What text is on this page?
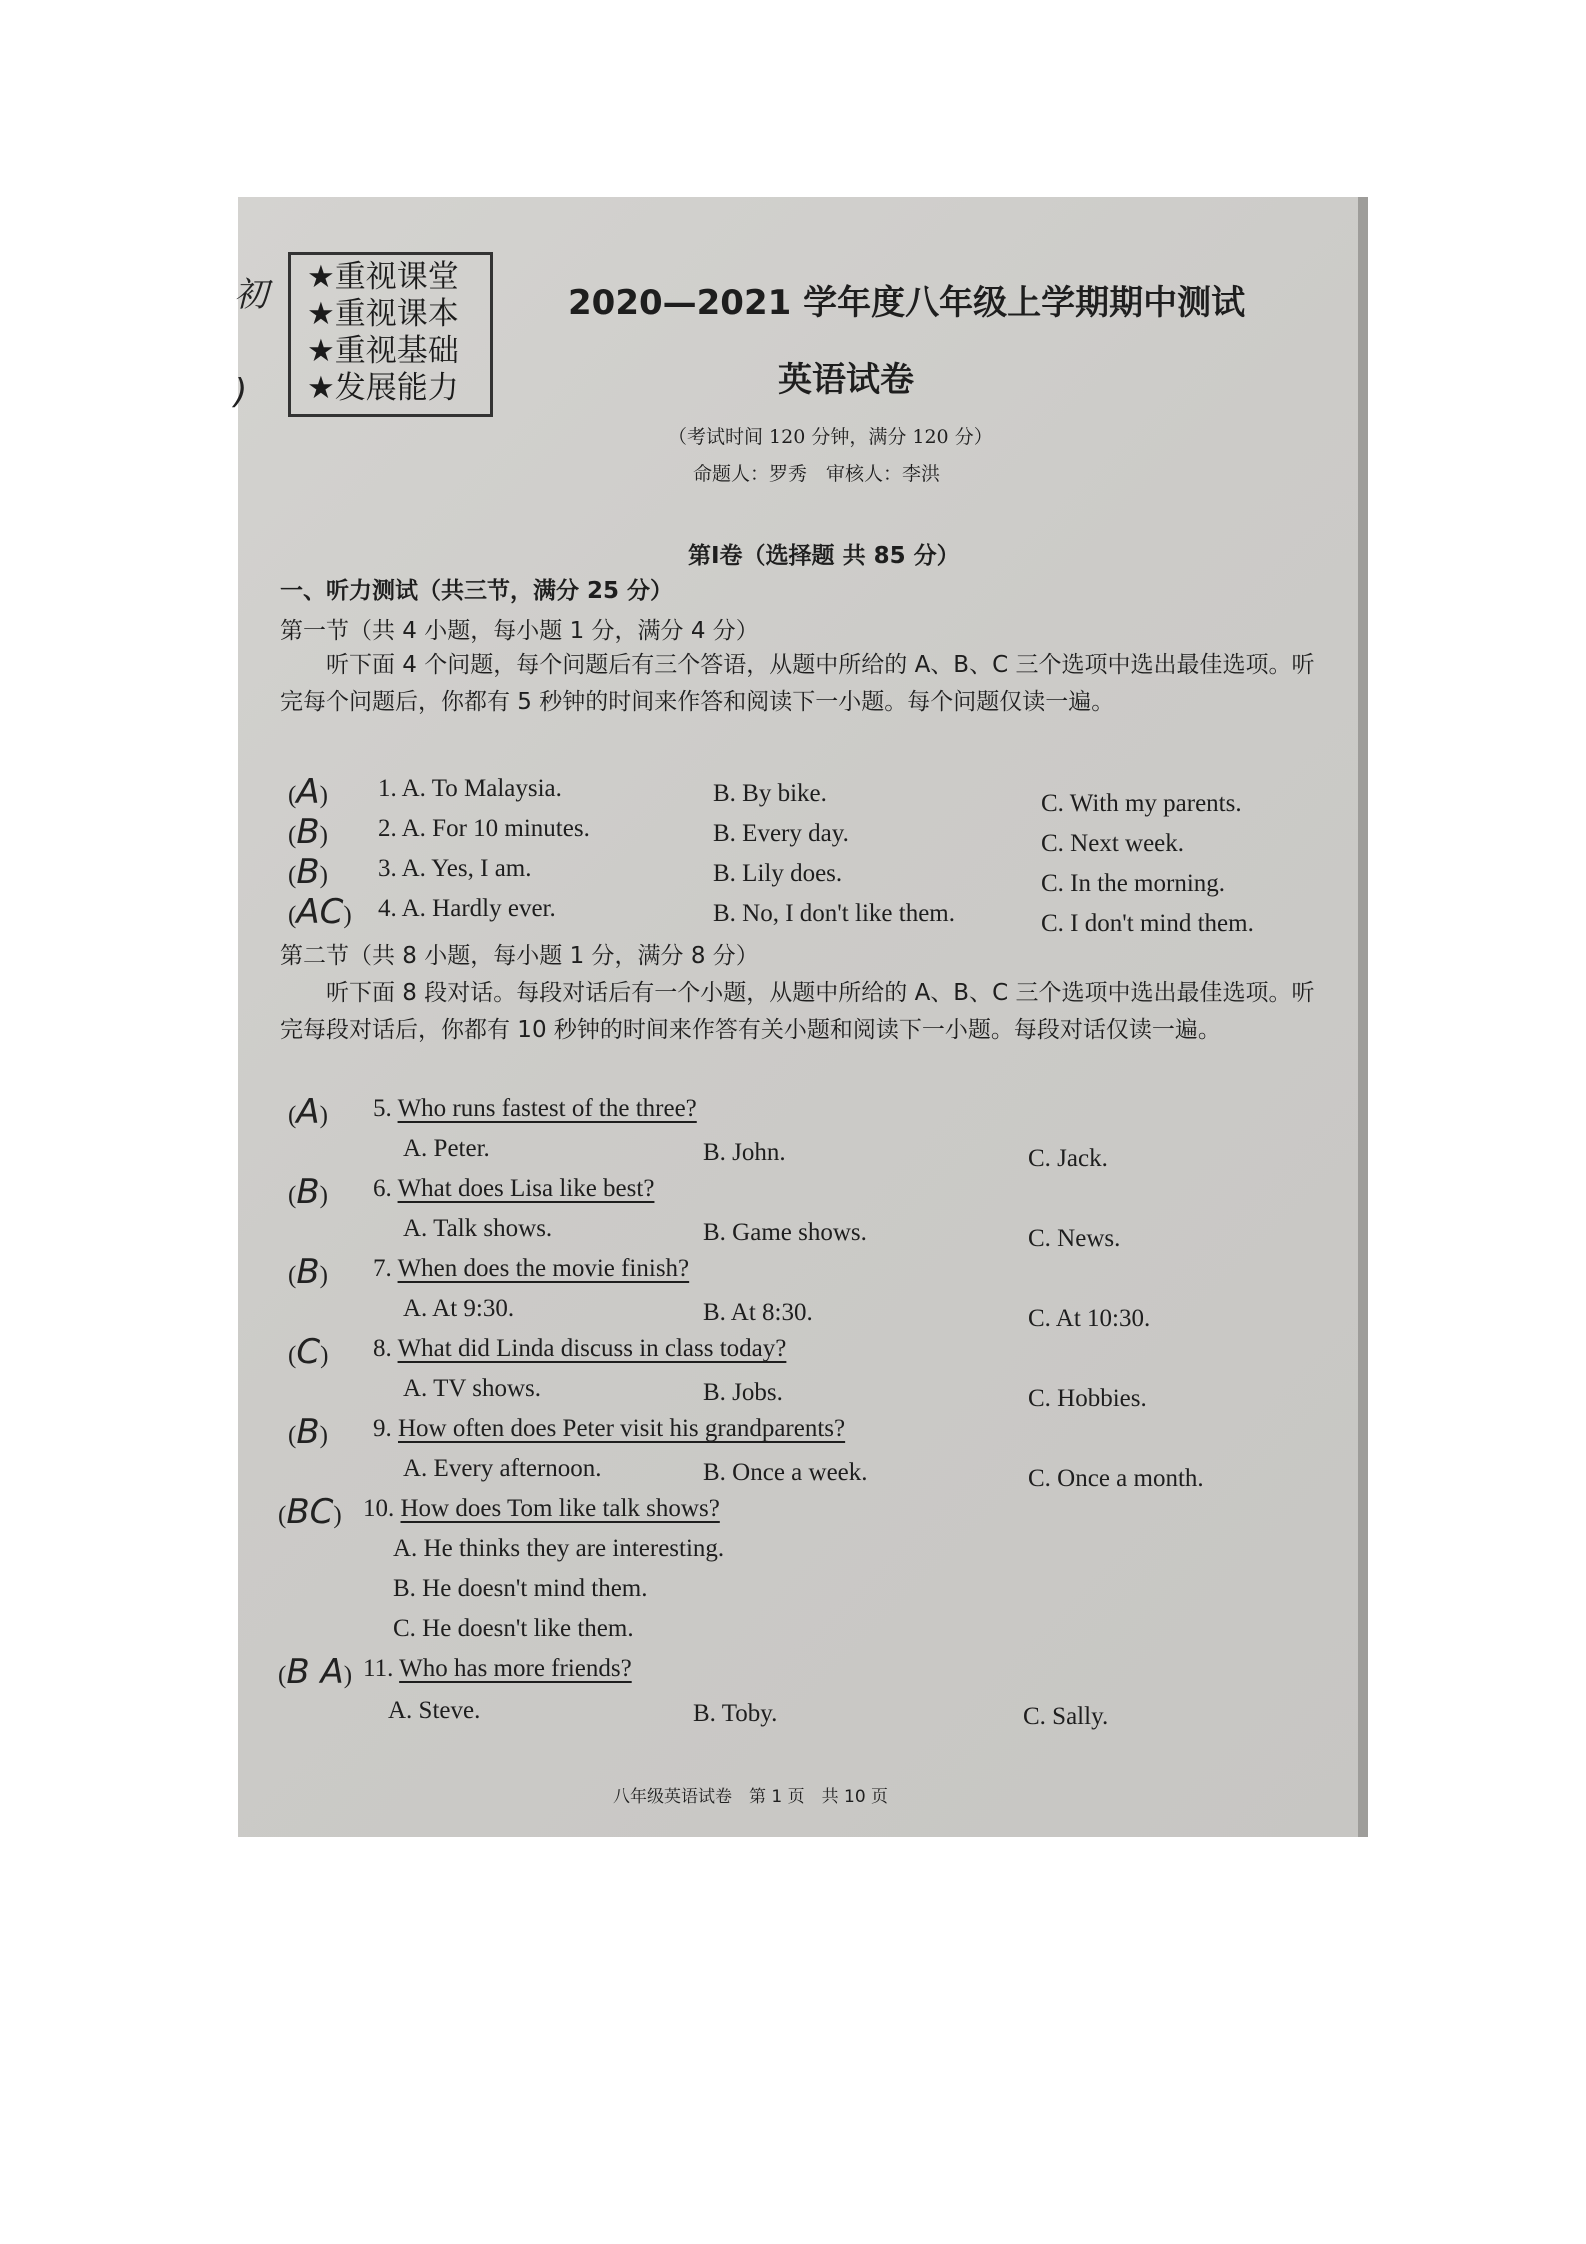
初
)
★重视课堂
★重视课本
★重视基础
★发展能力
2020—2021 学年度八年级上学期期中测试
英语试卷
（考试时间 120 分钟，满分 120 分）
命题人：罗秀　审核人：李洪
第Ⅰ卷（选择题 共 85 分）
一、听力测试（共三节，满分 25 分）
第一节（共 4 小题，每小题 1 分，满分 4 分）
听下面 4 个问题，每个问题后有三个答语，从题中所给的 A、B、C 三个选项中选出最佳选项。听完每个问题后，你都有 5 秒钟的时间来作答和阅读下一小题。每个问题仅读一遍。
(A) 1. A. To Malaysia.	B. By bike.	C. With my parents.
(B) 2. A. For 10 minutes.	B. Every day.	C. Next week.
(B) 3. A. Yes, I am.	B. Lily does.	C. In the morning.
(AC) 4. A. Hardly ever.	B. No, I don't like them.	C. I don't mind them.
第二节（共 8 小题，每小题 1 分，满分 8 分）
听下面 8 段对话。每段对话后有一个小题，从题中所给的 A、B、C 三个选项中选出最佳选项。听完每段对话后，你都有 10 秒钟的时间来作答有关小题和阅读下一小题。每段对话仅读一遍。
(A) 5. Who runs fastest of the three?
A. Peter.	B. John.	C. Jack.
(B) 6. What does Lisa like best?
A. Talk shows.	B. Game shows.	C. News.
(B) 7. When does the movie finish?
A. At 9:30.	B. At 8:30.	C. At 10:30.
(C) 8. What did Linda discuss in class today?
A. TV shows.	B. Jobs.	C. Hobbies.
(B) 9. How often does Peter visit his grandparents?
A. Every afternoon.	B. Once a week.	C. Once a month.
(BC) 10. How does Tom like talk shows?
A. He thinks they are interesting.
B. He doesn't mind them.
C. He doesn't like them.
(B A) 11. Who has more friends?
A. Steve.	B. Toby.	C. Sally.
八年级英语试卷　第 1 页　共 10 页
